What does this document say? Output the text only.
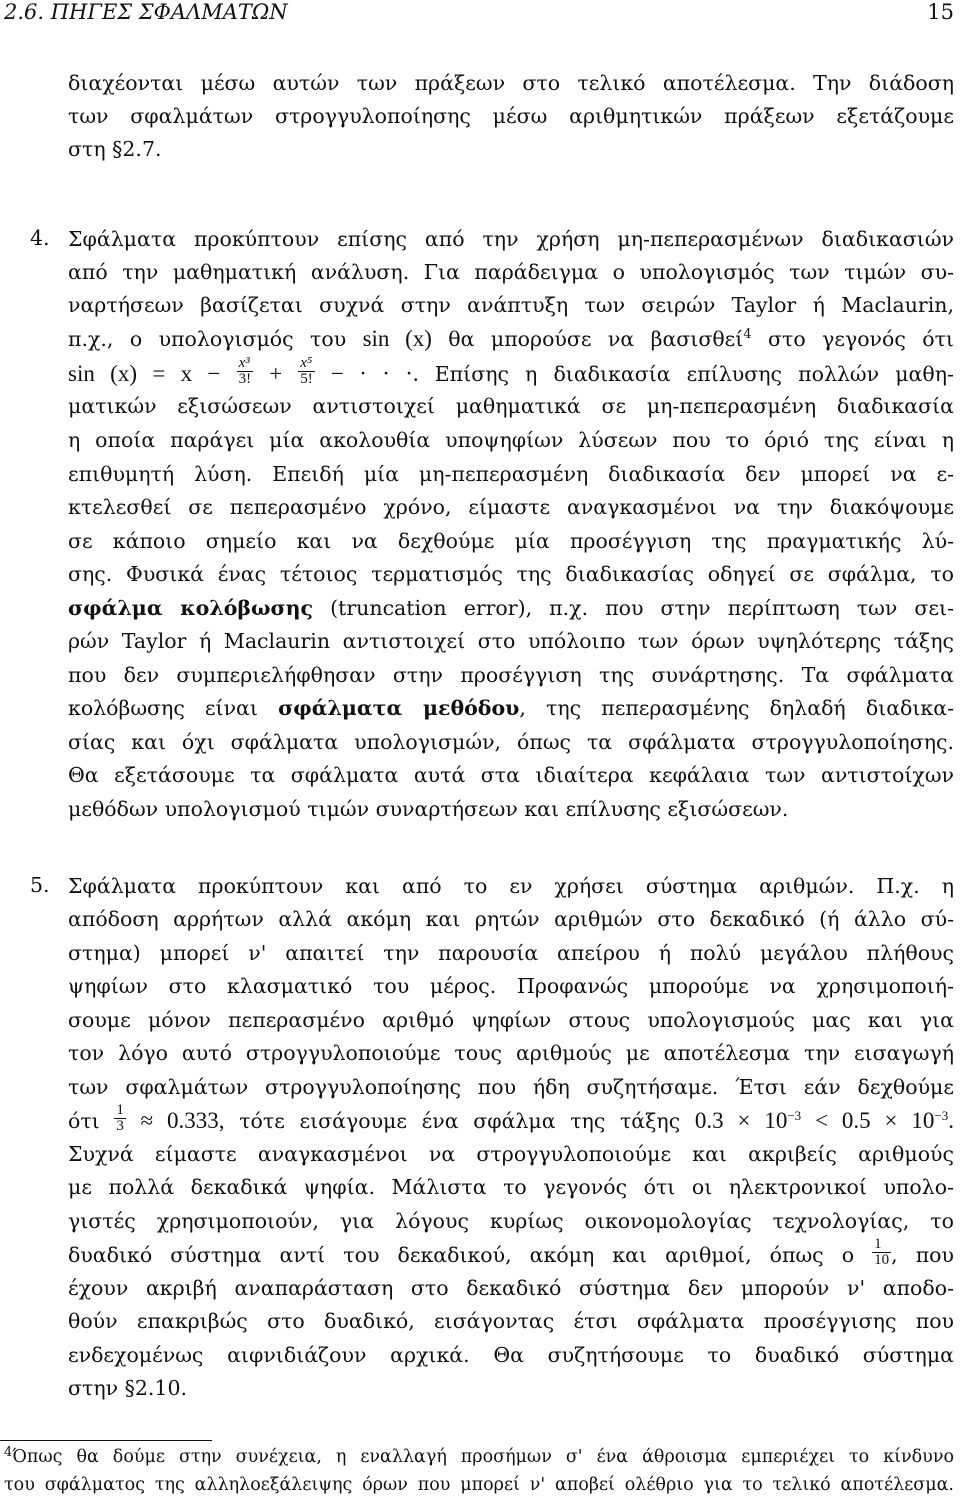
2.6. ΠΗΓΕΣ ΣΦΑΛΜΑΤΩΝ	15
διαχέονται μέσω αυτών των πράξεων στο τελικό αποτέλεσμα. Την διάδοση
των σφαλμάτων στρογγυλοποίησης μέσω αριθμητικών πράξεων εξετάζουμε
στη §2.7.
4. Σφάλματα προκύπτουν επίσης από την χρήση μη-πεπερασμένων διαδικασιών
από την μαθηματική ανάλυση. Για παράδειγμα ο υπολογισμός των τιμών συ-
ναρτήσεων βασίζεται συχνά στην ανάπτυξη των σειρών Taylor ή Maclaurin,
π.χ., ο υπολογισμός του sin (x) θα μπορούσε να βασισθεί$^4$ στο γεγονός ότι
$\sin (x) = x - \frac{\text{x³}}{3!} + \frac{\text{x⁵}}{5!}$ − · · ·. Επίσης η διαδικασία επίλυσης πολλών μαθη-
ματικών εξισώσεων αντιστοιχεί μαθηματικά σε μη-πεπερασμένη διαδικασία
η οποία παράγει μία ακολουθία υποψηφίων λύσεων που το όριό της είναι η
επιθυμητή λύση. Επειδή μία μη-πεπερασμένη διαδικασία δεν μπορεί να ε-
κτελεσθεί σε πεπερασμένο χρόνο, είμαστε αναγκασμένοι να την διακόψουμε
σε κάποιο σημείο και να δεχθούμε μία προσέγγιση της πραγματικής λύ-
σης. Φυσικά ένας τέτοιος τερματισμός της διαδικασίας οδηγεί σε σφάλμα, το
σφάλμα κολόβωσης (truncation error), π.χ. που στην περίπτωση των σει-
ρών Taylor ή Maclaurin αντιστοιχεί στο υπόλοιπο των όρων υψηλότερης τάξης
που δεν συμπεριελήφθησαν στην προσέγγιση της συνάρτησης. Τα σφάλματα
κολόβωσης είναι σφάλματα μεθόδου, της πεπερασμένης δηλαδή διαδικα-
σίας και όχι σφάλματα υπολογισμών, όπως τα σφάλματα στρογγυλοποίησης.
Θα εξετάσουμε τα σφάλματα αυτά στα ιδιαίτερα κεφάλαια των αντιστοίχων
μεθόδων υπολογισμού τιμών συναρτήσεων και επίλυσης εξισώσεων.
5. Σφάλματα προκύπτουν και από το εν χρήσει σύστημα αριθμών. Π.χ. η
απόδοση αρρήτων αλλά ακόμη και ρητών αριθμών στο δεκαδικό (ή άλλο σύ-
στημα) μπορεί ν' απαιτεί την παρουσία απείρου ή πολύ μεγάλου πλήθους
ψηφίων στο κλασματικό του μέρος. Προφανώς μπορούμε να χρησιμοποιή-
σουμε μόνον πεπερασμένο αριθμό ψηφίων στους υπολογισμούς μας και για
τον λόγο αυτό στρογγυλοποιούμε τους αριθμούς με αποτέλεσμα την εισαγωγή
των σφαλμάτων στρογγυλοποίησης που ήδη συζητήσαμε. Έτσι εάν δεχθούμε
ότι $\frac{1}{3} \approx 0.333$, τότε εισάγουμε ένα σφάλμα της τάξης $0.3 \times 10^{-3} < 0.5 \times 10^{-3}$.
Συχνά είμαστε αναγκασμένοι να στρογγυλοποιούμε και ακριβείς αριθμούς
με πολλά δεκαδικά ψηφία. Μάλιστα το γεγονός ότι οι ηλεκτρονικοί υπολο-
γιστές χρησιμοποιούν, για λόγους κυρίως οικονομολογίας τεχνολογίας, το
δυαδικό σύστημα αντί του δεκαδικού, ακόμη και αριθμοί, όπως ο $\frac{1}{10}$ , που
έχουν ακριβή αναπαράσταση στο δεκαδικό σύστημα δεν μπορούν ν' αποδο-
θούν επακριβώς στο δυαδικό, εισάγοντας έτσι σφάλματα προσέγγισης που
ενδεχομένως αιφνιδιάζουν αρχικά. Θα συζητήσουμε το δυαδικό σύστημα
στην §2.10.
$^4$Όπως θα δούμε στην συνέχεια, η εναλλαγή προσήμων σ' ένα άθροισμα εμπεριέχει το κίνδυνο
του σφάλματος της αλληλοεξάλειψης όρων που μπορεί ν' αποβεί ολέθριο για το τελικό αποτέλεσμα.
